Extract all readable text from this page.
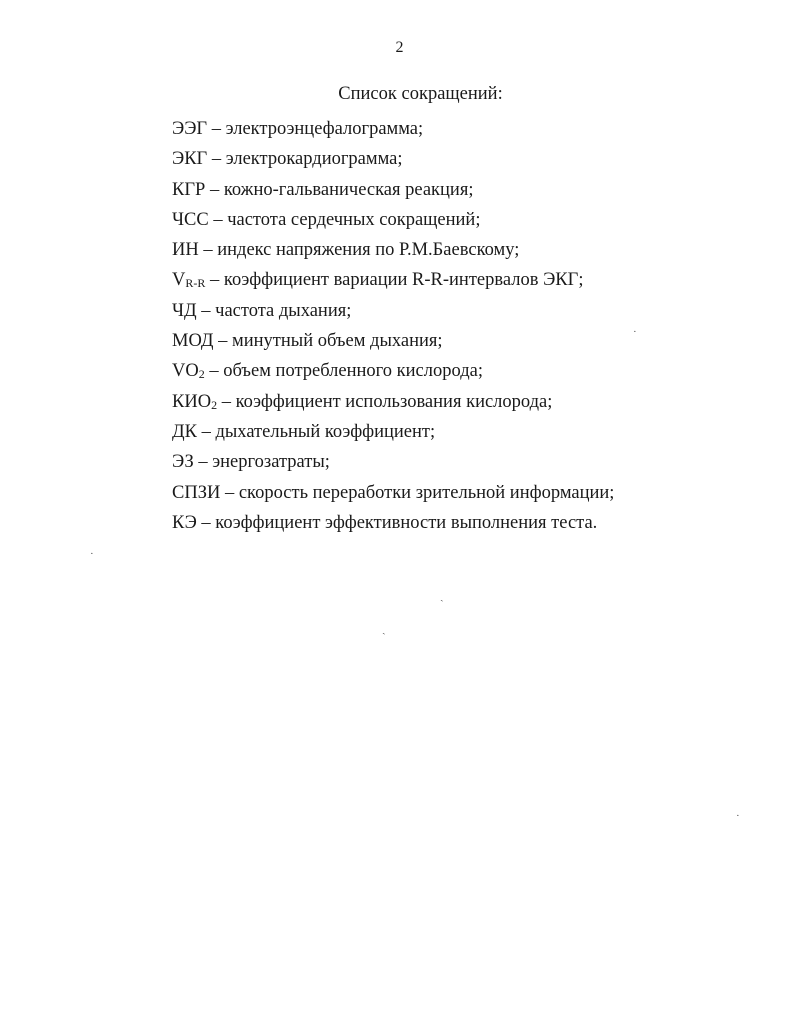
2
Список сокращений:
ЭЭГ – электроэнцефалограмма;
ЭКГ – электрокардиограмма;
КГР – кожно-гальваническая реакция;
ЧСС – частота сердечных сокращений;
ИН – индекс напряжения по Р.М.Баевскому;
$V_{R-R}$ – коэффициент вариации R-R-интервалов ЭКГ;
ЧД – частота дыхания;
МОД – минутный объем дыхания;
$VO_2$ – объем потребленного кислорода;
$КИО_2$ – коэффициент использования кислорода;
ДК – дыхательный коэффициент;
ЭЗ – энергозатраты;
СПЗИ – скорость переработки зрительной информации;
КЭ – коэффициент эффективности выполнения теста.
·
·
ˏ
ˏ
·
